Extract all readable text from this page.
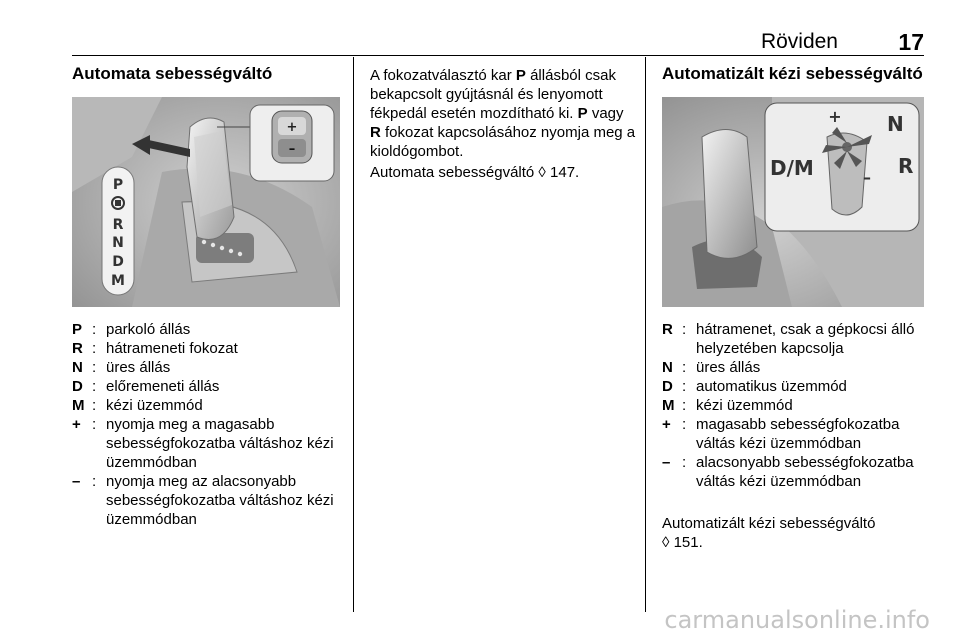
Röviden	17
Automata sebességváltó
+
–
P
R
N
D
M
P : parkoló állás
R : hátrameneti fokozat
N : üres állás
D : előremeneti állás
M : kézi üzemmód
+ : nyomja meg a magasabb sebességfokozatba váltáshoz kézi üzemmódban
– : nyomja meg az alacsonyabb sebességfokozatba váltáshoz kézi üzemmódban
A fokozatválasztó kar P állásból csak bekapcsolt gyújtásnál és lenyomott fékpedál esetén mozdítható ki. P vagy R fokozat kapcsolásához nyomja meg a kioldógombot.
Automata sebességváltó ◊ 147.
Automatizált kézi sebességváltó
+ N
D/M	R
–
R : hátramenet, csak a gépkocsi álló helyzetében kapcsolja
N : üres állás
D : automatikus üzemmód
M : kézi üzemmód
+ : magasabb sebességfokozatba váltás kézi üzemmódban
– : alacsonyabb sebességfokozatba váltás kézi üzemmódban
Automatizált kézi sebességváltó ◊ 151.
carmanualsonline.info
